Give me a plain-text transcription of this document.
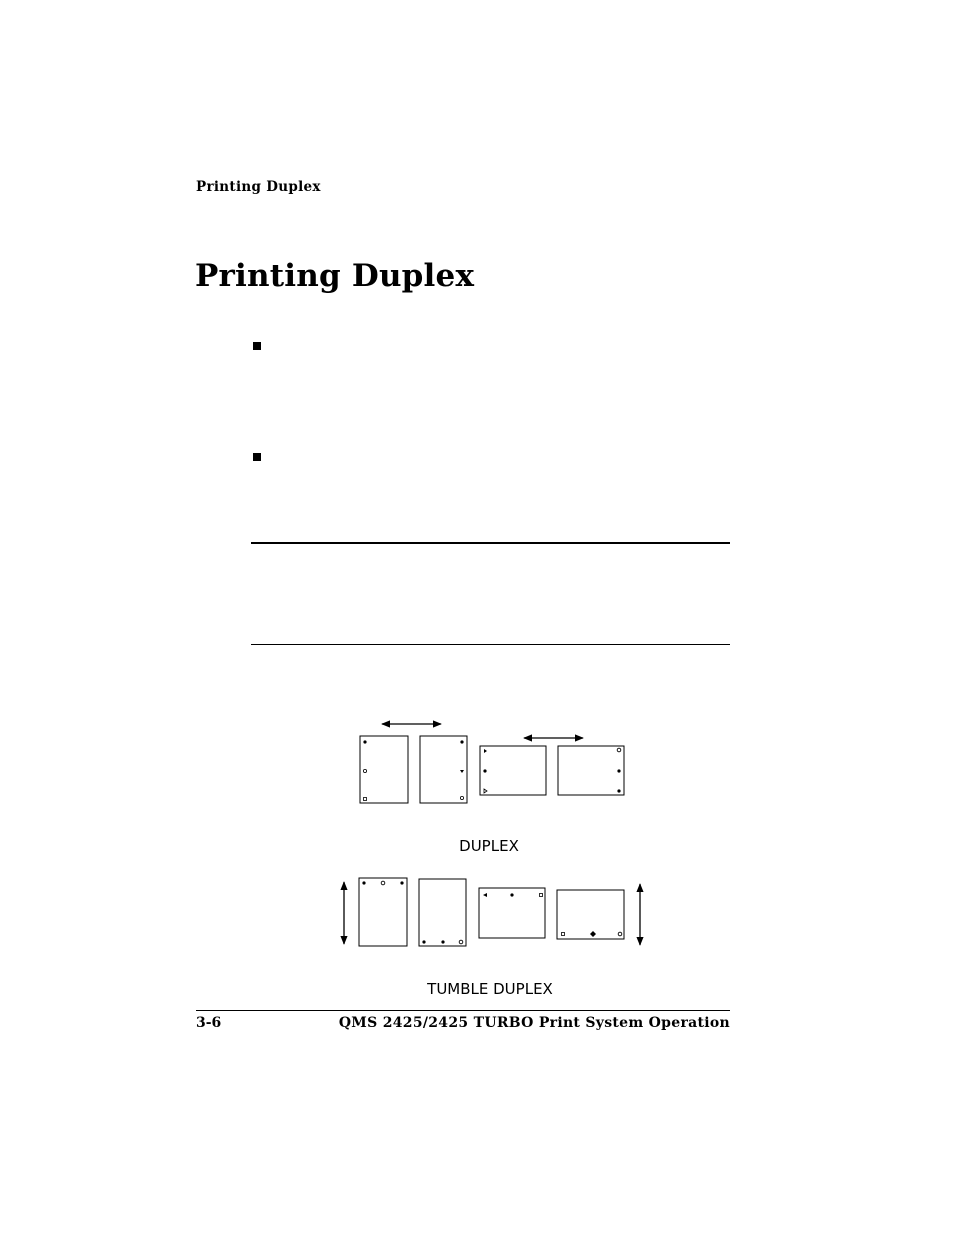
Printing Duplex
Printing Duplex
DUPLEX
TUMBLE DUPLEX
3-6	QMS 2425/2425 TURBO Print System Operation
